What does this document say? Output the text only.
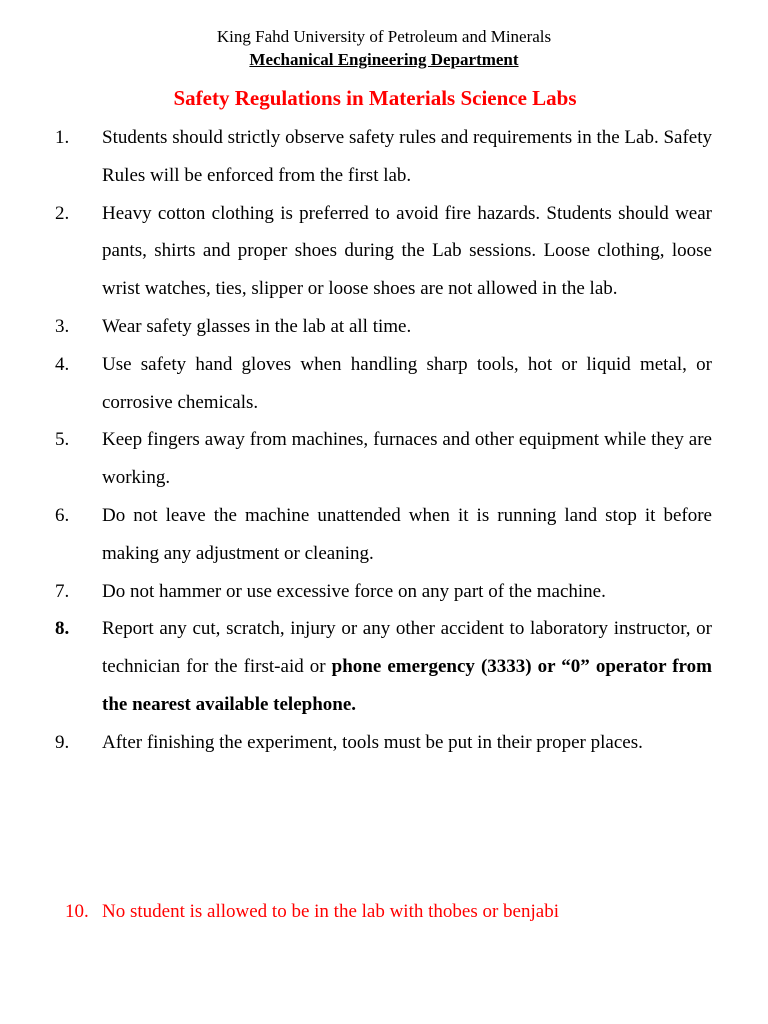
King Fahd University of Petroleum and Minerals
Mechanical Engineering Department
Safety Regulations in Materials Science Labs
1. Students should strictly observe safety rules and requirements in the Lab. Safety Rules will be enforced from the first lab.
2. Heavy cotton clothing is preferred to avoid fire hazards. Students should wear pants, shirts and proper shoes during the Lab sessions. Loose clothing, loose wrist watches, ties, slipper or loose shoes are not allowed in the lab.
3. Wear safety glasses in the lab at all time.
4. Use safety hand gloves when handling sharp tools, hot or liquid metal, or corrosive chemicals.
5. Keep fingers away from machines, furnaces and other equipment while they are working.
6. Do not leave the machine unattended when it is running land stop it before making any adjustment or cleaning.
7. Do not hammer or use excessive force on any part of the machine.
8. Report any cut, scratch, injury or any other accident to laboratory instructor, or technician for the first-aid or phone emergency (3333) or “0” operator from the nearest available telephone.
9. After finishing the experiment, tools must be put in their proper places.
10. No student is allowed to be in the lab with thobes or benjabi
